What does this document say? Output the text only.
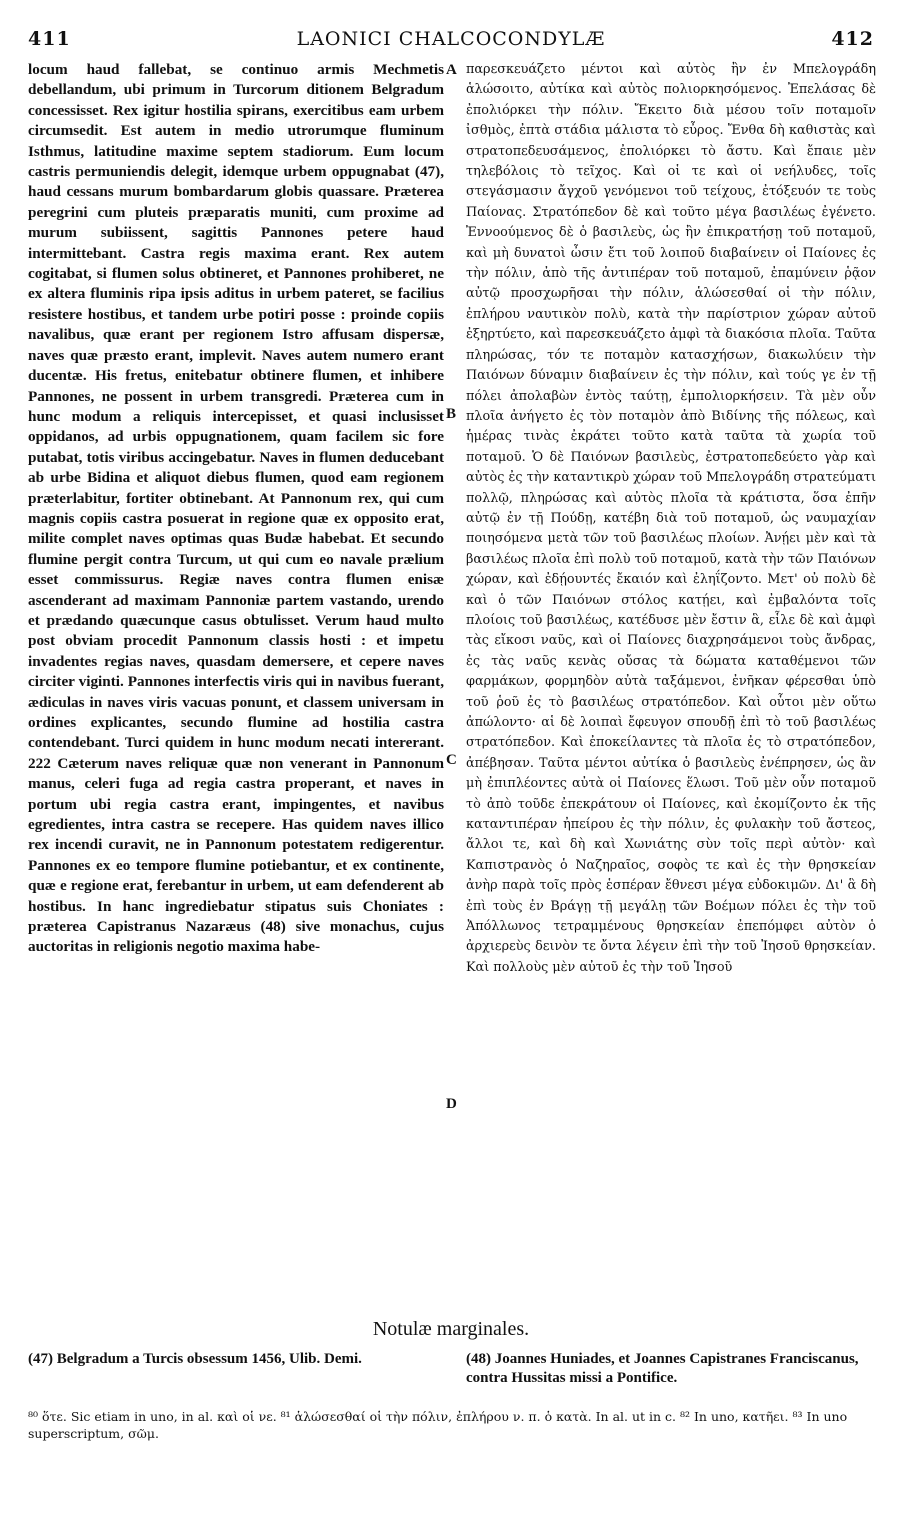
411	LAONICI CHALCOCONDYLÆ	412

locum haud fallebat, se continuo armis Mechmetis debellandum, ubi primum in Turcorum ditionem Belgradum concessisset. Rex igitur hostilia spirans, exercitibus eam urbem circumsedit. Est autem in medio utrorumque fluminum Isthmus, latitudine maxime septem stadiorum. Eum locum castris permuniendis delegit, idemque urbem oppugnabat (47), haud cessans murum bombardarum globis quassare. Præterea peregrini cum pluteis præparatis muniti, cum proxime ad murum subiissent, sagittis Pannones petere haud intermittebant. Castra regis maxima erant. Rex autem cogitabat, si flumen solus obtineret, et Pannones prohiberet, ne ex altera fluminis ripa ipsis aditus in urbem pateret, se facilius resistere hostibus, et tandem urbe potiri posse : proinde copiis navalibus, quæ erant per regionem Istro affusam dispersæ, naves quæ præsto erant, implevit. Naves autem numero erant ducentæ. His fretus, enitebatur obtinere flumen, et inhibere Pannones, ne possent in urbem transgredi. Præterea cum in hunc modum a reliquis intercepisset, et quasi inclusisset oppidanos, ad urbis oppugnationem, quam facilem sic fore putabat, totis viribus accingebatur. Naves in flumen deducebant ab urbe Bidina et aliquot diebus flumen, quod eam regionem præterlabitur, fortiter obtinebant. At Pannonum rex, qui cum magnis copiis castra posuerat in regione quæ ex opposito erat, milite complet naves optimas quas Budæ habebat. Et secundo flumine pergit contra Turcum, ut qui cum eo navale prælium esset commissurus. Regiæ naves contra flumen enisæ ascenderant ad maximam Pannoniæ partem vastando, urendo et prædando quæcunque casus obtulisset. Verum haud multo post obviam procedit Pannonum classis hosti : et impetu invadentes regias naves, quasdam demersere, et cepere naves circiter viginti. Pannones interfectis viris qui in navibus fuerant, ædiculas in naves viris vacuas ponunt, et classem universam in ordines explicantes, secundo flumine ad hostilia castra contendebant. Turci quidem in hunc modum necati intererant. 222 Cæterum naves reliquæ quæ non venerant in Pannonum manus, celeri fuga ad regia castra properant, et naves in portum ubi regia castra erant, impingentes, et navibus egredientes, intra castra se recepere. Has quidem naves illico rex incendi curavit, ne in Pannonum potestatem redigerentur. Pannones ex eo tempore flumine potiebantur, et ex continente, quæ e regione erat, ferebantur in urbem, ut eam defenderent ab hostibus. In hanc ingrediebatur stipatus suis Choniates : præterea Capistranus Nazaræus (48) sive monachus, cujus auctoritas in religionis negotio maxima habe-

A
B
C
D

παρεσκευάζετο μέντοι καὶ αὐτὸς ἢν ἐν Μπελογράδη ἁλώσοιτο, αὐτίκα καὶ αὐτὸς πολιορκησόμενος. Ἐπελάσας δὲ ἐπολιόρκει τὴν πόλιν. Ἔκειτο διὰ μέσου τοῖν ποταμοῖν ἰσθμὸς, ἐπτὰ στάδια μάλιστα τὸ εὖρος. Ἔνθα δὴ καθιστὰς καὶ στρατοπεδευσάμενος, ἐπολιόρκει τὸ ἄστυ. Καὶ ἔπαιε μὲν τηλεβόλοις τὸ τεῖχος. Καὶ οἱ τε καὶ οἱ νεήλυδες, τοῖς στεγάσμασιν ἄγχοῦ γενόμενοι τοῦ τείχους, ἐτόξευόν τε τοὺς Παίονας. Στρατόπεδον δὲ καὶ τοῦτο μέγα βασιλέως ἐγένετο. Ἐννοούμενος δὲ ὁ βασιλεὺς, ὡς ἢν ἐπικρατήσῃ τοῦ ποταμοῦ, καὶ μὴ δυνατοὶ ὦσιν ἔτι τοῦ λοιποῦ διαβαίνειν οἱ Παίονες ἐς τὴν πόλιν, ἀπὸ τῆς ἀντιπέραν τοῦ ποταμοῦ, ἐπαμύνειν ῥᾷον αὐτῷ προσχωρῆσαι τὴν πόλιν, ἁλώσεσθαί οἱ τὴν πόλιν, ἐπλήρου ναυτικὸν πολὺ, κατὰ τὴν παρίστριον χώραν αὐτοῦ ἐξηρτύετο, καὶ παρεσκευάζετο ἀμφὶ τὰ διακόσια πλοῖα. Ταῦτα πληρώσας, τόν τε ποταμὸν κατασχήσων, διακωλύειν τὴν Παιόνων δύναμιν διαβαίνειν ἐς τὴν πόλιν, καὶ τούς γε ἐν τῇ πόλει ἀπολαβὼν ἐντὸς ταύτῃ, ἐμπολιορκήσειν. Τὰ μὲν οὖν πλοῖα ἀνήγετο ἐς τὸν ποταμὸν ἀπὸ Βιδίνης τῆς πόλεως, καὶ ἡμέρας τινὰς ἐκράτει τοῦτο κατὰ ταῦτα τὰ χωρία τοῦ ποταμοῦ. Ὁ δὲ Παιόνων βασιλεὺς, ἐστρατοπεδεύετο γὰρ καὶ αὐτὸς ἐς τὴν καταντικρὺ χώραν τοῦ Μπελογράδη στρατεύματι πολλῷ, πληρώσας καὶ αὐτὸς πλοῖα τὰ κράτιστα, ὅσα ἐπῆν αὐτῷ ἐν τῇ Πούδῃ, κατέβη διὰ τοῦ ποταμοῦ, ὡς ναυμαχίαν ποιησόμενα μετὰ τῶν τοῦ βασιλέως πλοίων. Ἀνῄει μὲν καὶ τὰ βασιλέως πλοῖα ἐπὶ πολὺ τοῦ ποταμοῦ, κατὰ τὴν τῶν Παιόνων χώραν, καὶ ἐδῄουντές ἔκαιόν καὶ ἐληΐζοντο. Μετ' οὐ πολὺ δὲ καὶ ὁ τῶν Παιόνων στόλος κατῄει, καὶ ἐμβαλόντα τοῖς πλοίοις τοῦ βασιλέως, κατέδυσε μὲν ἔστιν ἃ, εἷλε δὲ καὶ ἀμφὶ τὰς εἴκοσι ναῦς, καὶ οἱ Παίονες διαχρησάμενοι τοὺς ἄνδρας, ἐς τὰς ναῦς κενὰς οὔσας τὰ δώματα καταθέμενοι τῶν φαρμάκων, φορμηδὸν αὐτὰ ταξάμενοι, ἐνῆκαν φέρεσθαι ὑπὸ τοῦ ῥοῦ ἐς τὸ βασιλέως στρατόπεδον. Καὶ οὗτοι μὲν οὕτω ἀπώλοντο· αἱ δὲ λοιπαὶ ἔφευγον σπουδῇ ἐπὶ τὸ τοῦ βασιλέως στρατόπεδον. Καὶ ἐποκείλαντες τὰ πλοῖα ἐς τὸ στρατόπεδον, ἀπέβησαν. Ταῦτα μέντοι αὐτίκα ὁ βασιλεὺς ἐνέπρησεν, ὡς ἂν μὴ ἐπιπλέοντες αὐτὰ οἱ Παίονες ἕλωσι. Τοῦ μὲν οὖν ποταμοῦ τὸ ἀπὸ τοῦδε ἐπεκράτουν οἱ Παίονες, καὶ ἐκομίζοντο ἐκ τῆς καταντιπέραν ἠπείρου ἐς τὴν πόλιν, ἐς φυλακὴν τοῦ ἄστεος, ἄλλοι τε, καὶ δὴ καὶ Χωνιάτης σὺν τοῖς περὶ αὐτὸν· καὶ Καπιστρανὸς ὁ Ναζηραῖος, σοφὸς τε καὶ ἐς τὴν θρησκείαν ἀνὴρ παρὰ τοῖς πρὸς ἑσπέραν ἔθνεσι μέγα εὐδοκιμῶν. Δι' ἃ δὴ ἐπὶ τοὺς ἐν Βράγῃ τῇ μεγάλῃ τῶν Βοέμων πόλει ἐς τὴν τοῦ Ἀπόλλωνος τετραμμένους θρησκείαν ἐπεπόμφει αὐτὸν ὁ ἀρχιερεὺς δεινὸν τε ὄντα λέγειν ἐπὶ τὴν τοῦ Ἰησοῦ θρησκείαν. Καὶ πολλοὺς μὲν αὐτοῦ ἐς τὴν τοῦ Ἰησοῦ

Notulæ marginales.
(47) Belgradum a Turcis obsessum 1456, Ulib. Demi.	(48) Joannes Huniades, et Joannes Capistranes Franciscanus, contra Hussitas missi a Pontifice.
⁸⁰ ὅτε. Sic etiam in uno, in al. καὶ οἱ νε. ⁸¹ ἁλώσεσθαί οἱ τὴν πόλιν, ἐπλήρου ν. π. ὁ κατὰ. In al. ut in c. ⁸² In uno, κατῆει. ⁸³ In uno superscriptum, σῶμ.
